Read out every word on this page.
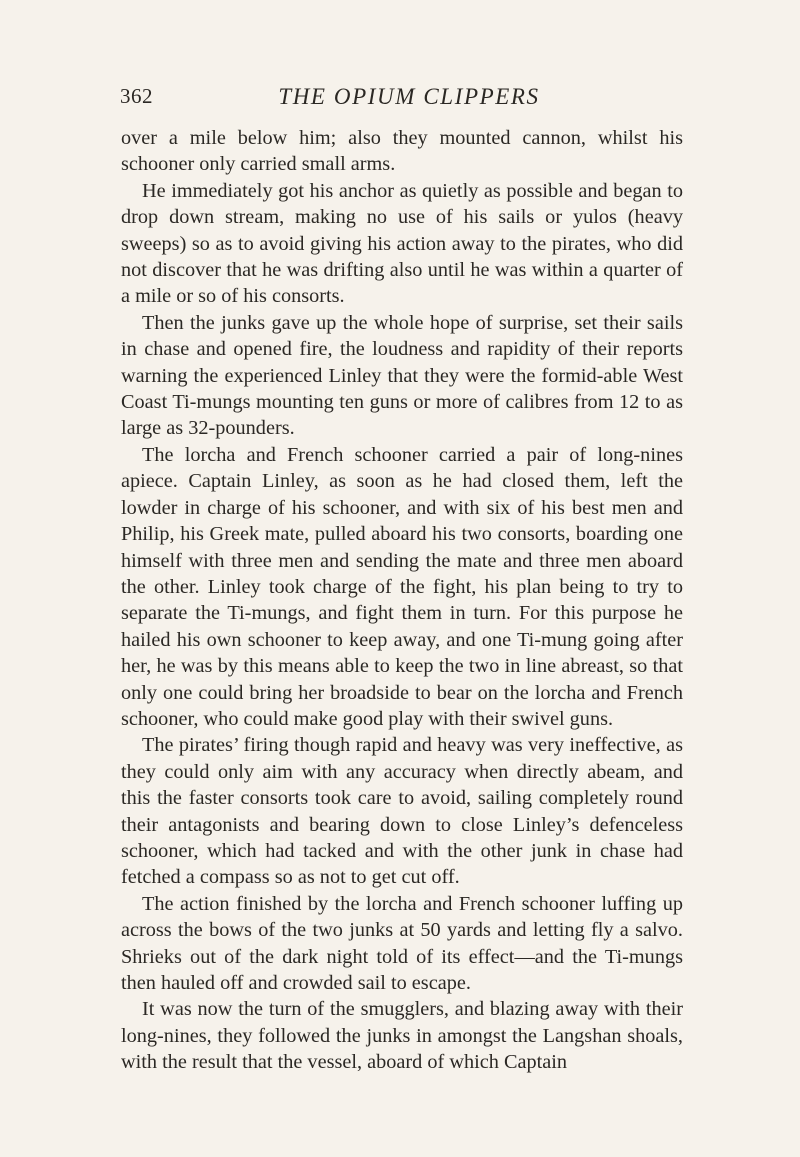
362	THE OPIUM CLIPPERS

over a mile below him; also they mounted cannon, whilst his schooner only carried small arms.

He immediately got his anchor as quietly as possible and began to drop down stream, making no use of his sails or yulos (heavy sweeps) so as to avoid giving his action away to the pirates, who did not discover that he was drifting also until he was within a quarter of a mile or so of his consorts.

Then the junks gave up the whole hope of surprise, set their sails in chase and opened fire, the loudness and rapidity of their reports warning the experienced Linley that they were the formid-able West Coast Ti-mungs mounting ten guns or more of calibres from 12 to as large as 32-pounders.

The lorcha and French schooner carried a pair of long-nines apiece. Captain Linley, as soon as he had closed them, left the lowder in charge of his schooner, and with six of his best men and Philip, his Greek mate, pulled aboard his two consorts, boarding one himself with three men and sending the mate and three men aboard the other. Linley took charge of the fight, his plan being to try to separate the Ti-mungs, and fight them in turn. For this purpose he hailed his own schooner to keep away, and one Ti-mung going after her, he was by this means able to keep the two in line abreast, so that only one could bring her broadside to bear on the lorcha and French schooner, who could make good play with their swivel guns.

The pirates’ firing though rapid and heavy was very ineffective, as they could only aim with any accuracy when directly abeam, and this the faster consorts took care to avoid, sailing completely round their antagonists and bearing down to close Linley’s defenceless schooner, which had tacked and with the other junk in chase had fetched a compass so as not to get cut off.

The action finished by the lorcha and French schooner luffing up across the bows of the two junks at 50 yards and letting fly a salvo. Shrieks out of the dark night told of its effect—and the Ti-mungs then hauled off and crowded sail to escape.

It was now the turn of the smugglers, and blazing away with their long-nines, they followed the junks in amongst the Langshan shoals, with the result that the vessel, aboard of which Captain
